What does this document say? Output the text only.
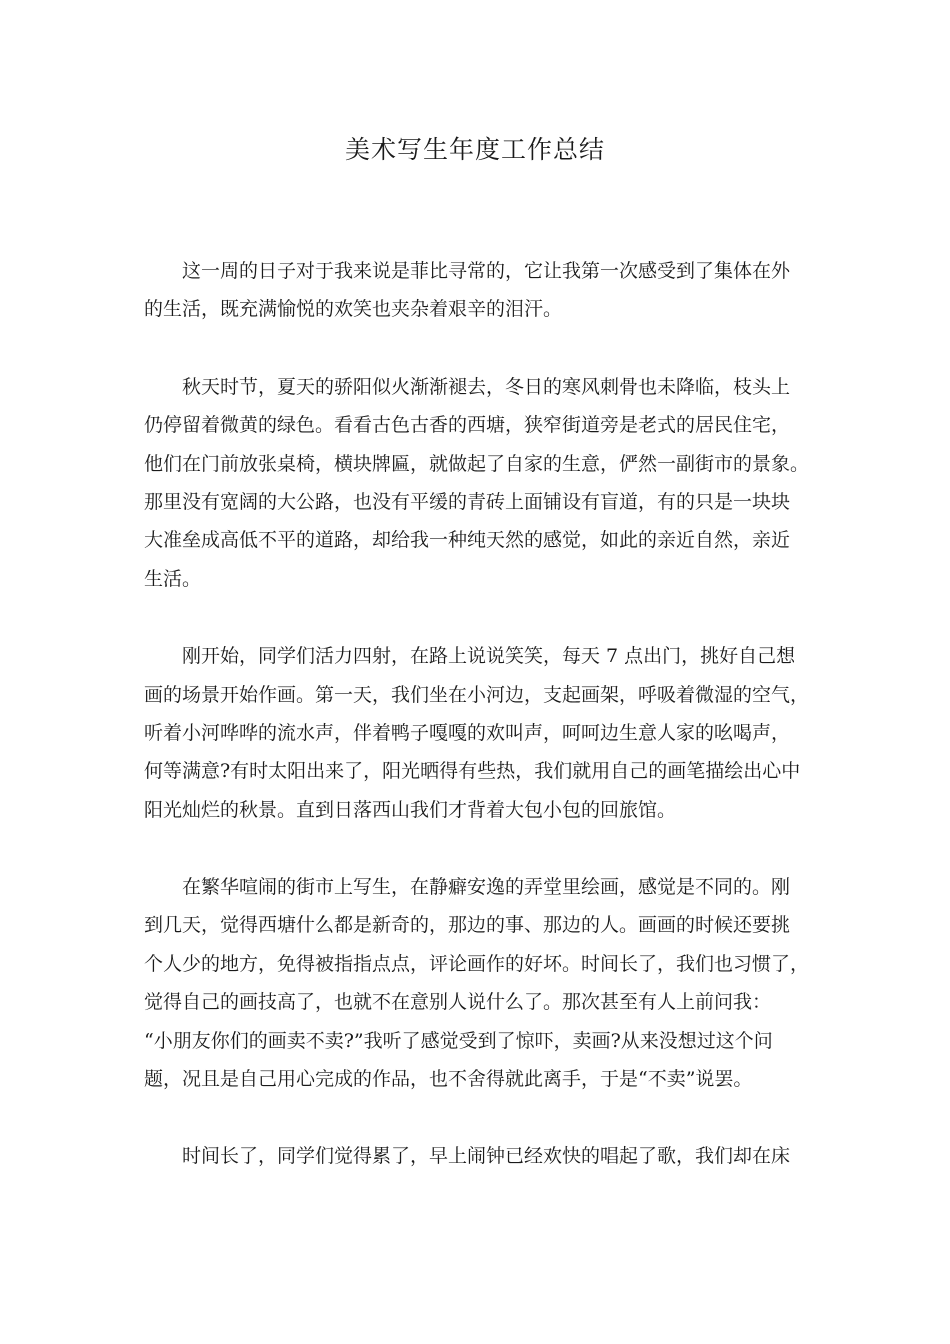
美术写生年度工作总结
这一周的日子对于我来说是菲比寻常的，它让我第一次感受到了集体在外
的生活，既充满愉悦的欢笑也夹杂着艰辛的泪汗。
秋天时节，夏天的骄阳似火渐渐褪去，冬日的寒风刺骨也未降临，枝头上
仍停留着微黄的绿色。看看古色古香的西塘，狭窄街道旁是老式的居民住宅，
他们在门前放张桌椅，横块牌匾，就做起了自家的生意，俨然一副街市的景象。
那里没有宽阔的大公路，也没有平缓的青砖上面铺设有盲道，有的只是一块块
大准垒成高低不平的道路，却给我一种纯天然的感觉，如此的亲近自然，亲近
生活。
刚开始，同学们活力四射，在路上说说笑笑，每天 7 点出门，挑好自己想
画的场景开始作画。第一天，我们坐在小河边，支起画架，呼吸着微湿的空气，
听着小河哗哗的流水声，伴着鸭子嘎嘎的欢叫声，呵呵边生意人家的吆喝声，
何等满意?有时太阳出来了，阳光晒得有些热，我们就用自己的画笔描绘出心中
阳光灿烂的秋景。直到日落西山我们才背着大包小包的回旅馆。
在繁华喧闹的街市上写生，在静癖安逸的弄堂里绘画，感觉是不同的。刚
到几天，觉得西塘什么都是新奇的，那边的事、那边的人。画画的时候还要挑
个人少的地方，免得被指指点点，评论画作的好坏。时间长了，我们也习惯了，
觉得自己的画技高了，也就不在意别人说什么了。那次甚至有人上前问我：
“小朋友你们的画卖不卖?”我听了感觉受到了惊吓，卖画?从来没想过这个问
题，况且是自己用心完成的作品，也不舍得就此离手，于是“不卖”说罢。
时间长了，同学们觉得累了，早上闹钟已经欢快的唱起了歌，我们却在床
